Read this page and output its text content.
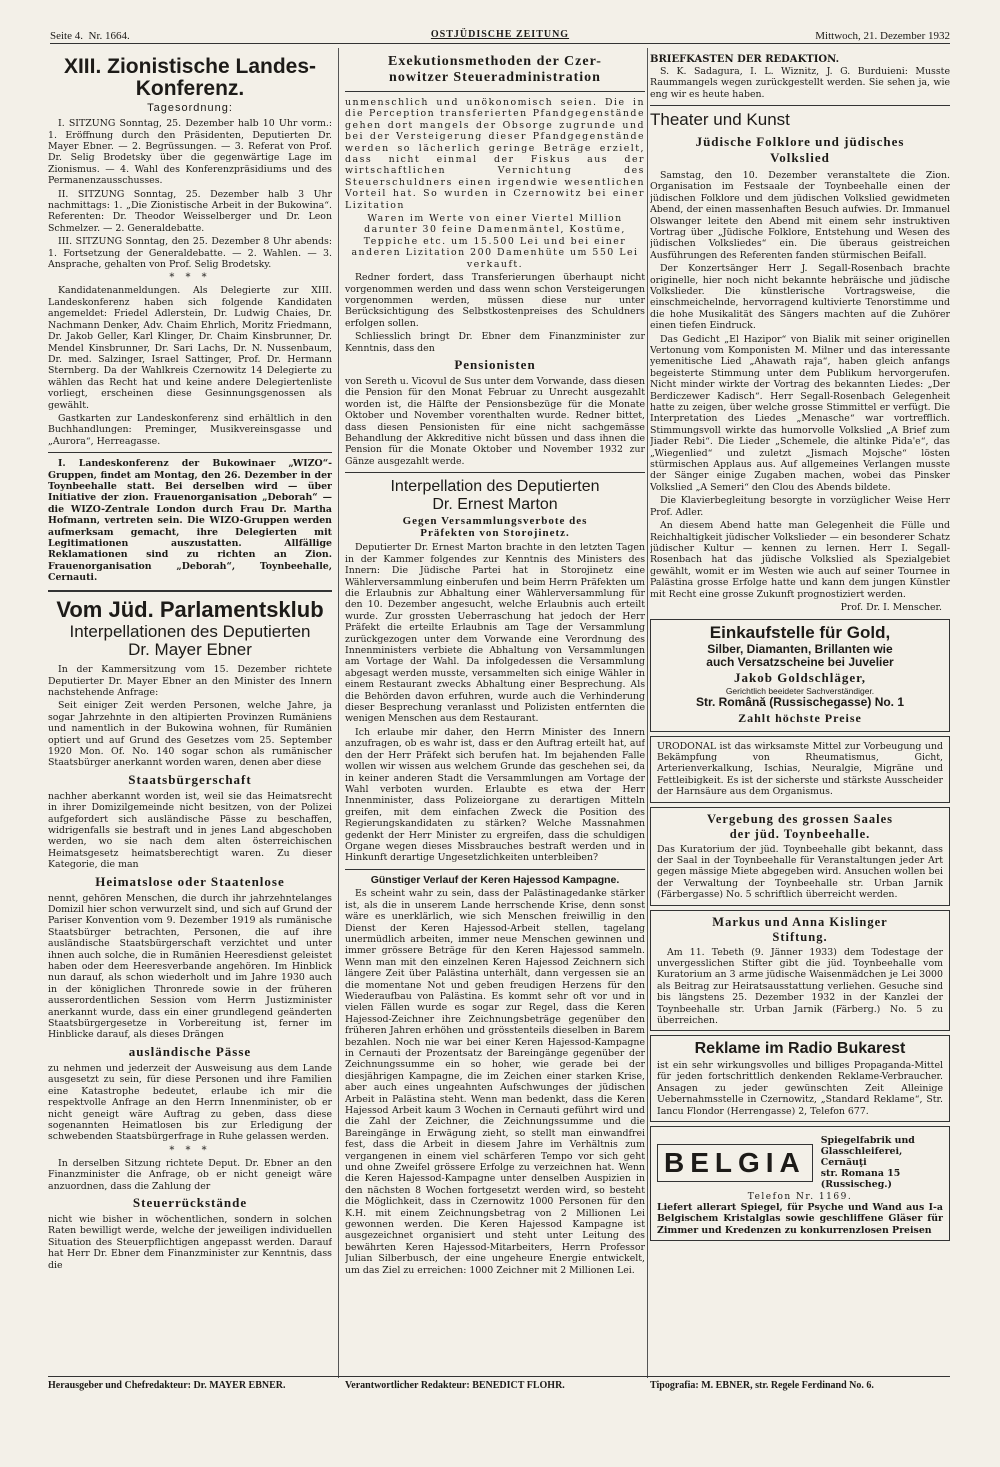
Seite 4. Nr. 1664.	OSTJÜDISCHE ZEITUNG	Mittwoch, 21. Dezember 1932
XIII. Zionistische Landes-
Konferenz.
Tagesordnung:

I. SITZUNG Sonntag, 25. Dezember halb 10 Uhr vorm.: 1. Eröffnung durch den Präsidenten, Deputierten Dr. Mayer Ebner. — 2. Begrüssungen. — 3. Referat von Prof. Dr. Selig Brodetsky über die gegenwärtige Lage im Zionismus. — 4. Wahl des Konferenzpräsidiums und des Permanenzausschusses.

II. SITZUNG Sonntag, 25. Dezember halb 3 Uhr nachmittags: 1. „Die Zionistische Arbeit in der Bukowina“. Referenten: Dr. Theodor Weisselberger und Dr. Leon Schmelzer. — 2. Generaldebatte.

III. SITZUNG Sonntag, den 25. Dezember 8 Uhr abends: 1. Fortsetzung der Generaldebatte. — 2. Wahlen. — 3. Ansprache, gehalten von Prof. Selig Brodetsky.

* * *

Kandidatenanmeldungen. Als Delegierte zur XIII. Landeskonferenz haben sich folgende Kandidaten angemeldet: Friedel Adlerstein, Dr. Ludwig Chaies, Dr. Nachmann Denker, Adv. Chaim Ehrlich, Moritz Friedmann, Dr. Jakob Geller, Karl Klinger, Dr. Chaim Kinsbrunner, Dr. Mendel Kinsbrunner, Dr. Sari Lachs, Dr. N. Nussenbaum, Dr. med. Salzinger, Israel Sattinger, Prof. Dr. Hermann Sternberg. Da der Wahlkreis Czernowitz 14 Delegierte zu wählen das Recht hat und keine andere Delegiertenliste vorliegt, erscheinen diese Gesinnungsgenossen als gewählt.

Gastkarten zur Landeskonferenz sind erhältlich in den Buchhandlungen: Preminger, Musikvereinsgasse und „Aurora“, Herreagasse.

I. Landeskonferenz der Bukowinaer „WIZO“-Gruppen, findet am Montag, den 26. Dezember in der Toynbeehalle statt. Bei derselben wird — über Initiative der zion. Frauenorganisation „Deborah“ — die WIZO-Zentrale London durch Frau Dr. Martha Hofmann, vertreten sein. Die WIZO-Gruppen werden aufmerksam gemacht, ihre Delegierten mit Legitimationen auszustatten. Allfällige Reklamationen sind zu richten an Zion. Frauenorganisation „Deborah“, Toynbeehalle, Cernauti.

Vom Jüd. Parlamentsklub
Interpellationen des Deputierten
Dr. Mayer Ebner

In der Kammersitzung vom 15. Dezember richtete Deputierter Dr. Mayer Ebner an den Minister des Innern nachstehende Anfrage:

Seit einiger Zeit werden Personen, welche Jahre, ja sogar Jahrzehnte in den altipierten Provinzen Rumäniens und namentlich in der Bukowina wohnen, für Rumänien optiert und auf Grund des Gesetzes vom 25. September 1920 Mon. Of. No. 140 sogar schon als rumänischer Staatsbürger anerkannt worden waren, denen aber diese

Staatsbürgerschaft

nachher aberkannt worden ist, weil sie das Heimatsrecht in ihrer Domizilgemeinde nicht besitzen, von der Polizei aufgefordert sich ausländische Pässe zu beschaffen, widrigenfalls sie bestraft und in jenes Land abgeschoben werden, wo sie nach dem alten österreichischen Heimatsgesetz heimatsberechtigt waren. Zu dieser Kategorie, die man

Heimatslose oder Staatenlose

nennt, gehören Menschen, die durch ihr jahrzehntelanges Domizil hier schon verwurzelt sind, und sich auf Grund der Pariser Konvention vom 9. Dezember 1919 als rumänische Staatsbürger betrachten, Personen, die auf ihre ausländische Staatsbürgerschaft verzichtet und unter ihnen auch solche, die in Rumänien Heeresdienst geleistet haben oder dem Heeresverbande angehören. Im Hinblick nun darauf, als schon wiederholt und im Jahre 1930 auch in der königlichen Thronrede sowie in der früheren ausserordentlichen Session vom Herrn Justizminister anerkannt wurde, dass ein einer grundlegend geänderten Staatsbürgergesetze in Vorbereitung ist, ferner im Hinblicke darauf, als dieses Drängen

ausländische Pässe

zu nehmen und jederzeit der Ausweisung aus dem Lande ausgesetzt zu sein, für diese Personen und ihre Familien eine Katastrophe bedeutet, erlaube ich mir die respektvolle Anfrage an den Herrn Innenminister, ob er nicht geneigt wäre Auftrag zu geben, dass diese sogenannten Heimatlosen bis zur Erledigung der schwebenden Staatsbürgerfrage in Ruhe gelassen werden.

* * *

In derselben Sitzung richtete Deput. Dr. Ebner an den Finanzminister die Anfrage, ob er nicht geneigt wäre anzuordnen, dass die Zahlung der

Steuerrückstände

nicht wie bisher in wöchentlichen, sondern in solchen Raten bewilligt werde, welche der jeweiligen individuellen Situation des Steuerpflichtigen angepasst werden. Darauf hat Herr Dr. Ebner dem Finanzminister zur Kenntnis, dass die

Exekutionsmethoden der Czer-
nowitzer Steueradministration

unmenschlich und unökonomisch seien. Die in die Perception transferierten Pfandgegenstände gehen dort mangels der Obsorge zugrunde und bei der Versteigerung dieser Pfandgegenstände werden so lächerlich geringe Beträge erzielt, dass nicht einmal der Fiskus aus der wirtschaftlichen Vernichtung des Steuerschuldners einen irgendwie wesentlichen Vorteil hat. So wurden in Czernowitz bei einer Lizitation

Waren im Werte von einer Viertel Million darunter 30 feine Damenmäntel, Kostüme, Teppiche etc. um 15.500 Lei und bei einer anderen Lizitation 200 Damenhüte um 550 Lei verkauft.

Redner fordert, dass Transferierungen überhaupt nicht vorgenommen werden und dass wenn schon Versteigerungen vorgenommen werden, müssen diese nur unter Berücksichtigung des Selbstkostenpreises des Schuldners erfolgen sollen.

Schliesslich bringt Dr. Ebner dem Finanzminister zur Kenntnis, dass den

Pensionisten

von Sereth u. Vicovul de Sus unter dem Vorwande, dass diesen die Pension für den Monat Februar zu Unrecht ausgezahlt worden ist, die Hälfte der Pensionsbezüge für die Monate Oktober und November vorenthalten wurde. Redner bittet, dass diesen Pensionisten für eine nicht sachgemässe Behandlung der Akkreditive nicht büssen und dass ihnen die Pension für die Monate Oktober und November 1932 zur Gänze ausgezahlt werde.

Interpellation des Deputierten
Dr. Ernest Marton
Gegen Versammlungsverbote des
Präfekten von Storojinetz.

Deputierter Dr. Ernest Marton brachte in den letzten Tagen in der Kammer folgendes zur Kenntnis des Ministers des Innern: Die Jüdische Partei hat in Storojinetz eine Wählerversammlung einberufen und beim Herrn Präfekten um die Erlaubnis zur Abhaltung einer Wählerversammlung für den 10. Dezember angesucht, welche Erlaubnis auch erteilt wurde. Zur grossten Ueberraschung hat jedoch der Herr Präfekt die erteilte Erlaubnis am Tage der Versammlung zurückgezogen unter dem Vorwande eine Verordnung des Innenministers verbiete die Abhaltung von Versammlungen am Vortage der Wahl. Da infolgedessen die Versammlung abgesagt werden musste, versammelten sich einige Wähler in einem Restaurant zwecks Abhaltung einer Besprechung. Als die Behörden davon erfuhren, wurde auch die Verhinderung dieser Besprechung veranlasst und Polizisten entfernten die wenigen Menschen aus dem Restaurant.

Ich erlaube mir daher, den Herrn Minister des Innern anzufragen, ob es wahr ist, dass er den Auftrag erteilt hat, auf den der Herr Präfekt sich berufen hat. Im bejahenden Falle wollen wir wissen aus welchem Grunde das geschehen sei, da in keiner anderen Stadt die Versammlungen am Vortage der Wahl verboten wurden. Erlaubte es etwa der Herr Innenminister, dass Polizeiorgane zu derartigen Mitteln greifen, mit dem einfachen Zweck die Position des Regierungskandidaten zu stärken? Welche Massnahmen gedenkt der Herr Minister zu ergreifen, dass die schuldigen Organe wegen dieses Missbrauches bestraft werden und in Hinkunft derartige Ungesetzlichkeiten unterbleiben?

Günstiger Verlauf der Keren Hajessod Kampagne.

Es scheint wahr zu sein, dass der Palästinagedanke stärker ist, als die in unserem Lande herrschende Krise, denn sonst wäre es unerklärlich, wie sich Menschen freiwillig in den Dienst der Keren Hajessod-Arbeit stellen, tagelang unermüdlich arbeiten, immer neue Menschen gewinnen und immer grössere Beträge für den Keren Hajessod sammeln. Wenn man mit den einzelnen Keren Hajessod Zeichnern sich längere Zeit über Palästina unterhält, dann vergessen sie an die momentane Not und geben freudigen Herzens für den Wiederaufbau von Palästina. Es kommt sehr oft vor und in vielen Fällen wurde es sogar zur Regel, dass die Keren Hajessod-Zeichner ihre Zeichnungsbeträge gegenüber den früheren Jahren erhöhen und grösstenteils dieselben in Barem bezahlen. Noch nie war bei einer Keren Hajessod-Kampagne in Cernauti der Prozentsatz der Bareingänge gegenüber der Zeichnungssumme ein so hoher, wie gerade bei der diesjährigen Kampagne, die im Zeichen einer starken Krise, aber auch eines ungeahnten Aufschwunges der jüdischen Arbeit in Palästina steht. Wenn man bedenkt, dass die Keren Hajessod Arbeit kaum 3 Wochen in Cernauti geführt wird und die Zahl der Zeichner, die Zeichnungssumme und die Bareingänge in Erwägung zieht, so stellt man einwandfrei fest, dass die Arbeit in diesem Jahre im Verhältnis zum vergangenen in einem viel schärferen Tempo vor sich geht und ohne Zweifel grössere Erfolge zu verzeichnen hat. Wenn die Keren Hajessod-Kampagne unter denselben Auspizien in den nächsten 8 Wochen fortgesetzt werden wird, so besteht die Möglichkeit, dass in Czernowitz 1000 Personen für den K.H. mit einem Zeichnungsbetrag von 2 Millionen Lei gewonnen werden. Die Keren Hajessod Kampagne ist ausgezeichnet organisiert und steht unter Leitung des bewährten Keren Hajessod-Mitarbeiters, Herrn Professor Julian Silberbusch, der eine ungeheure Energie entwickelt, um das Ziel zu erreichen: 1000 Zeichner mit 2 Millionen Lei.

BRIEFKASTEN DER REDAKTION.

S. K. Sadagura, I. L. Wiznitz, J. G. Burduieni: Musste Raummangels wegen zurückgestellt werden. Sie sehen ja, wie eng wir es heute haben.

Theater und Kunst
Jüdische Folklore und jüdisches
Volkslied

Samstag, den 10. Dezember veranstaltete die Zion. Organisation im Festsaale der Toynbeehalle einen der jüdischen Folklore und dem jüdischen Volkslied gewidmeten Abend, der einen massenhaften Besuch aufwies. Dr. Immanuel Olswanger leitete den Abend mit einem sehr instruktiven Vortrag über „Jüdische Folklore, Entstehung und Wesen des jüdischen Volksliedes“ ein. Die überaus geistreichen Ausführungen des Referenten fanden stürmischen Beifall.

Der Konzertsänger Herr J. Segall-Rosenbach brachte originelle, hier noch nicht bekannte hebräische und jüdische Volkslieder. Die künstlerische Vortragsweise, die einschmeichelnde, hervorragend kultivierte Tenorstimme und die hohe Musikalität des Sängers machten auf die Zuhörer einen tiefen Eindruck.

Das Gedicht „El Hazipor“ von Bialik mit seiner originellen Vertonung vom Komponisten M. Milner und das interessante yemenitische Lied „Ahawath raja“, haben gleich anfangs begeisterte Stimmung unter dem Publikum hervorgerufen. Nicht minder wirkte der Vortrag des bekannten Liedes: „Der Berdiczewer Kadisch“. Herr Segall-Rosenbach Gelegenheit hatte zu zeigen, über welche grosse Stimmittel er verfügt. Die Interpretation des Liedes „Menasche“ war vortrefflich. Stimmungsvoll wirkte das humorvolle Volkslied „A Brief zum Jiader Rebi“. Die Lieder „Schemele, die altinke Pida'e“, das „Wiegenlied“ und zuletzt „Jismach Mojsche“ lösten stürmischen Applaus aus. Auf allgemeines Verlangen musste der Sänger einige Zugaben machen, wobei das Pinsker Volkslied „A Semeri“ den Clou des Abends bildete.

Die Klavierbegleitung besorgte in vorzüglicher Weise Herr Prof. Adler.

An diesem Abend hatte man Gelegenheit die Fülle und Reichhaltigkeit jüdischer Volkslieder — ein besonderer Schatz jüdischer Kultur — kennen zu lernen. Herr I. Segall-Rosenbach hat das jüdische Volkslied als Spezialgebiet gewählt, womit er im Westen wie auch auf seiner Tournee in Palästina grosse Erfolge hatte und kann dem jungen Künstler mit Recht eine grosse Zukunft prognostiziert werden.

Prof. Dr. I. Menscher.
Einkaufstelle für Gold,
Silber, Diamanten, Brillanten wie
auch Versatzscheine bei Juvelier
Jakob Goldschläger,
Gerichtlich beeideter Sachverständiger.
Str. Română (Russischegasse) No. 1
Zahlt höchste Preise

URODONAL ist das wirksamste Mittel zur Vorbeugung und Bekämpfung von Rheumatismus, Gicht, Arterienverkalkung, Ischias, Neuralgie, Migräne und Fettleibigkeit. Es ist der sicherste und stärkste Ausscheider der Harnsäure aus dem Organismus.

Vergebung des grossen Saales
der jüd. Toynbeehalle.

Das Kuratorium der jüd. Toynbeehalle gibt bekannt, dass der Saal in der Toynbeehalle für Veranstaltungen jeder Art gegen mässige Miete abgegeben wird. Ansuchen wollen bei der Verwaltung der Toynbeehalle str. Urban Jarnik (Färbergasse) No. 5 schriftlich überreicht werden.

Markus und Anna Kislinger
Stiftung.

Am 11. Tebeth (9. Jänner 1933) dem Todestage der unvergesslichen Stifter gibt die jüd. Toynbeehalle vom Kuratorium an 3 arme jüdische Waisenmädchen je Lei 3000 als Beitrag zur Heiratsausstattung verliehen. Gesuche sind bis längstens 25. Dezember 1932 in der Kanzlei der Toynbeehalle str. Urban Jarnik (Färberg.) No. 5 zu überreichen.

Reklame im Radio Bukarest

ist ein sehr wirkungsvolles und billiges Propaganda-Mittel für jeden fortschrittlich denkenden Reklame-Verbraucher. Ansagen zu jeder gewünschten Zeit Alleinige Uebernahmsstelle in Czernowitz, „Standard Reklame“, Str. Iancu Flondor (Herrengasse) 2, Telefon 677.

BELGIA
Spiegelfabrik und Glasschleiferei, Cernăuţi
str. Romana 15 (Russischeg.)
Telefon Nr. 1169.

Liefert allerart Spiegel, für Psyche und Wand aus I-a Belgischem Kristalglas sowie geschliffene Gläser für Zimmer und Kredenzen zu konkurrenzlosen Preisen

Herausgeber und Chefredakteur: Dr. MAYER EBNER.	Verantwortlicher Redakteur: BENEDICT FLOHR.	Tipografia: M. EBNER, str. Regele Ferdinand No. 6.
